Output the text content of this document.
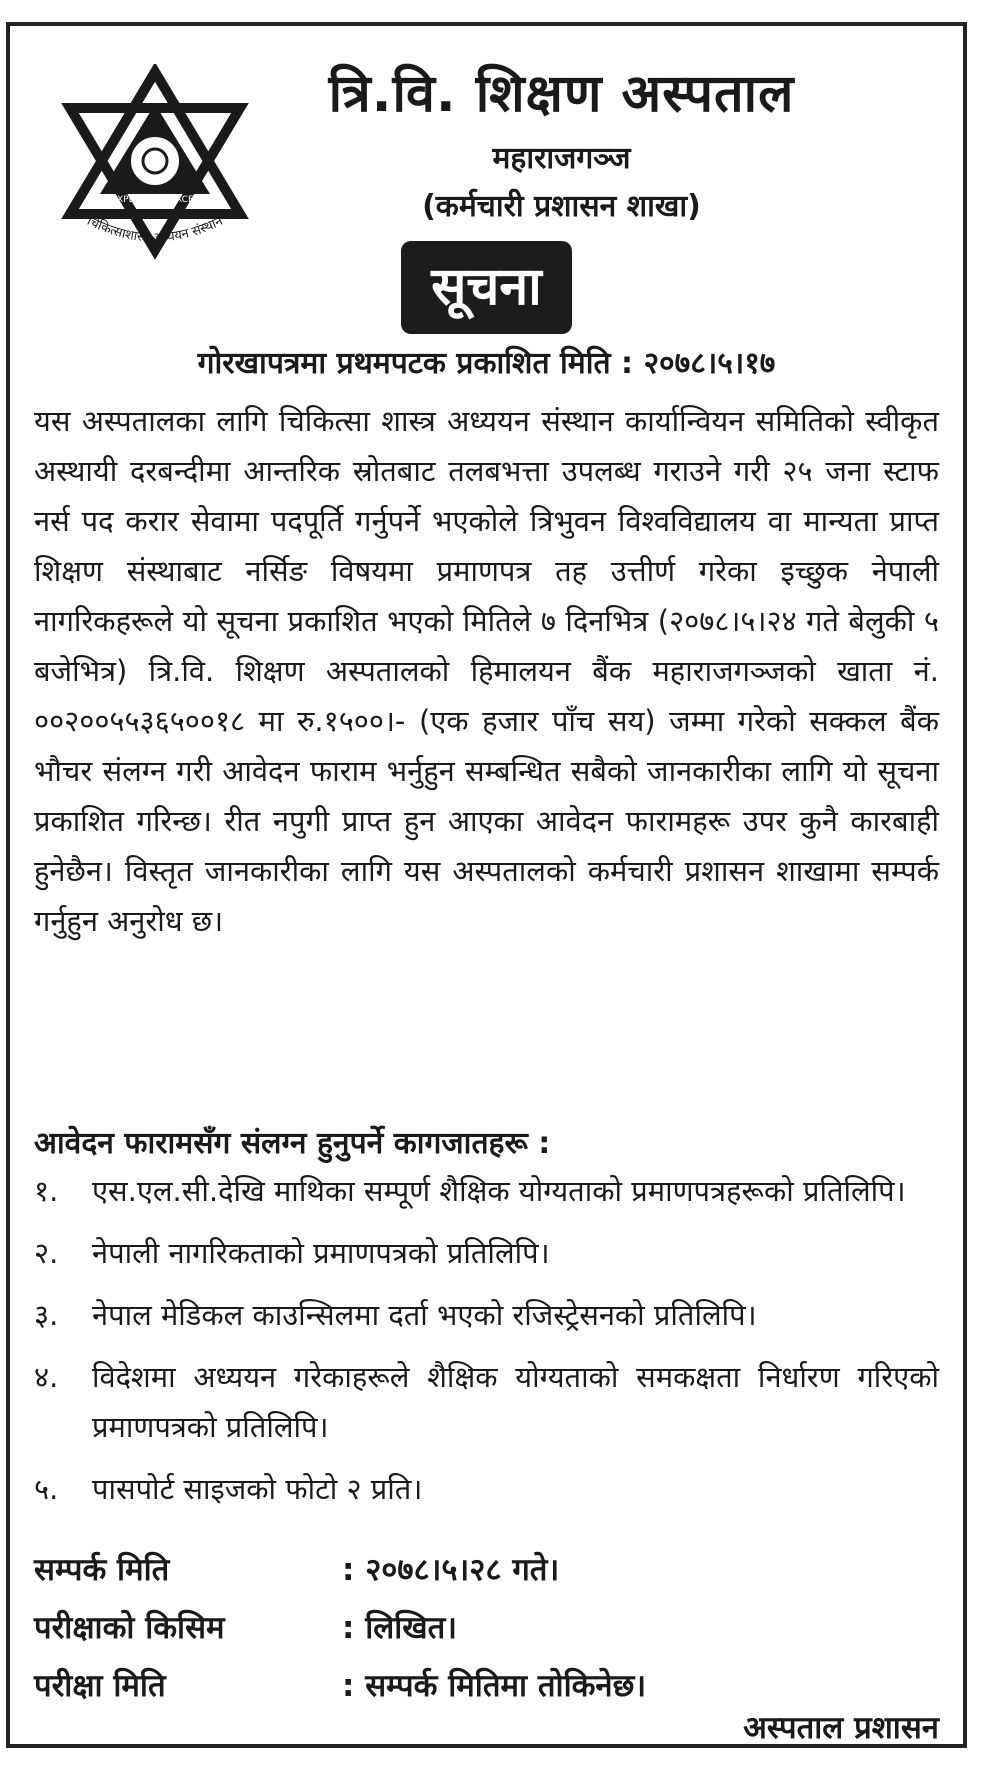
EXPERIENCE EXCEL
चिकित्साशास्त्र अध्ययन संस्थान
त्रि.वि. शिक्षण अस्पताल
महाराजगञ्ज
(कर्मचारी प्रशासन शाखा)
सूचना
गोरखापत्रमा प्रथमपटक प्रकाशित मिति : २०७८।५।१७
यस अस्पतालका लागि चिकित्सा शास्त्र अध्ययन संस्थान कार्यान्वियन समितिको स्वीकृत अस्थायी दरबन्दीमा आन्तरिक स्रोतबाट तलबभत्ता उपलब्ध गराउने गरी २५ जना स्टाफ नर्स पद करार सेवामा पदपूर्ति गर्नुपर्ने भएकोले त्रिभुवन विश्वविद्यालय वा मान्यता प्राप्त शिक्षण संस्थाबाट नर्सिङ विषयमा प्रमाणपत्र तह उत्तीर्ण गरेका इच्छुक नेपाली नागरिकहरूले यो सूचना प्रकाशित भएको मितिले ७ दिनभित्र (२०७८।५।२४ गते बेलुकी ५ बजेभित्र) त्रि.वि. शिक्षण अस्पतालको हिमालयन बैंक महाराजगञ्जको खाता नं. ००२००५५३६५००१८ मा रु.१५००।- (एक हजार पाँच सय) जम्मा गरेको सक्कल बैंक भौचर संलग्न गरी आवेदन फाराम भर्नुहुन सम्बन्धित सबैको जानकारीका लागि यो सूचना प्रकाशित गरिन्छ। रीत नपुगी प्राप्त हुन आएका आवेदन फारामहरू उपर कुनै कारबाही हुनेछैन। विस्तृत जानकारीका लागि यस अस्पतालको कर्मचारी प्रशासन शाखामा सम्पर्क गर्नुहुन अनुरोध छ।
आवेदन फारामसँग संलग्न हुनुपर्ने कागजातहरू :
१.	एस.एल.सी.देखि माथिका सम्पूर्ण शैक्षिक योग्यताको प्रमाणपत्रहरूको प्रतिलिपि।
२.	नेपाली नागरिकताको प्रमाणपत्रको प्रतिलिपि।
३.	नेपाल मेडिकल काउन्सिलमा दर्ता भएको रजिस्ट्रेसनको प्रतिलिपि।
४.	विदेशमा अध्ययन गरेकाहरूले शैक्षिक योग्यताको समकक्षता निर्धारण गरिएको प्रमाणपत्रको प्रतिलिपि।
५.	पासपोर्ट साइजको फोटो २ प्रति।
सम्पर्क मिति	: २०७८।५।२८ गते।
परीक्षाको किसिम	: लिखित।
परीक्षा मिति	: सम्पर्क मितिमा तोकिनेछ।
अस्पताल प्रशासन
